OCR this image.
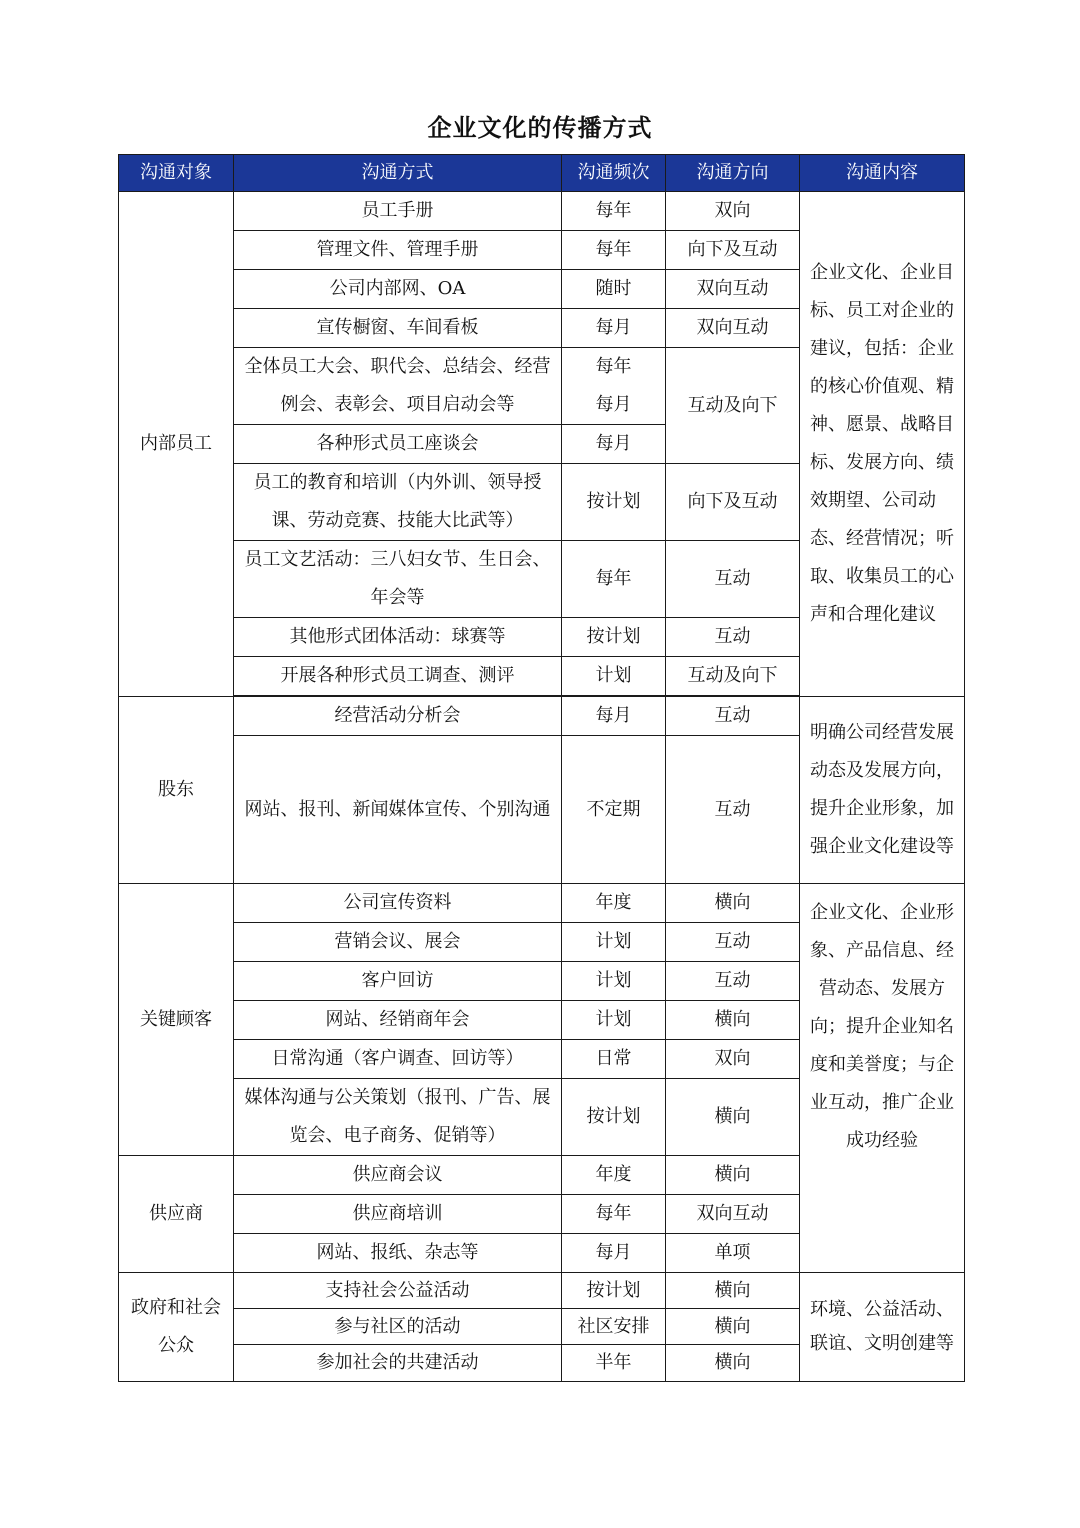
企业文化的传播方式
沟通对象	沟通方式	沟通频次	沟通方向	沟通内容
内部员工	员工手册	每年	双向	企业文化、企业目标、员工对企业的建议，包括：企业的核心价值观、精神、愿景、战略目标、发展方向、绩效期望、公司动态、经营情况；听取、收集员工的心声和合理化建议
	管理文件、管理手册	每年	向下及互动	
	公司内部网、OA	随时	双向互动	
	宣传橱窗、车间看板	每月	双向互动	
	全体员工大会、职代会、总结会、经营例会、表彰会、项目启动会等	每年 每月	互动及向下	
	各种形式员工座谈会	每月		
	员工的教育和培训（内外训、领导授课、劳动竞赛、技能大比武等）	按计划	向下及互动	
	员工文艺活动：三八妇女节、生日会、年会等	每年	互动	
	其他形式团体活动：球赛等	按计划	互动	
	开展各种形式员工调查、测评	计划	互动及向下	

股东	经营活动分析会	每月	互动	明确公司经营发展动态及发展方向，提升企业形象，加强企业文化建设等
	网站、报刊、新闻媒体宣传、个别沟通	不定期	互动	
关键顾客	公司宣传资料	年度	横向	企业文化、企业形象、产品信息、经营动态、发展方向；提升企业知名度和美誉度；与企业互动，推广企业成功经验
	营销会议、展会	计划	互动	
	客户回访	计划	互动	
	网站、经销商年会	计划	横向	
	日常沟通（客户调查、回访等）	日常	双向	
	媒体沟通与公关策划（报刊、广告、展览会、电子商务、促销等）	按计划	横向	
供应商	供应商会议	年度	横向	
	供应商培训	每年	双向互动	
	网站、报纸、杂志等	每月	单项	
政府和社会公众	支持社会公益活动	按计划	横向	环境、公益活动、联谊、文明创建等
	参与社区的活动	社区安排	横向	
	参加社会的共建活动	半年	横向	
